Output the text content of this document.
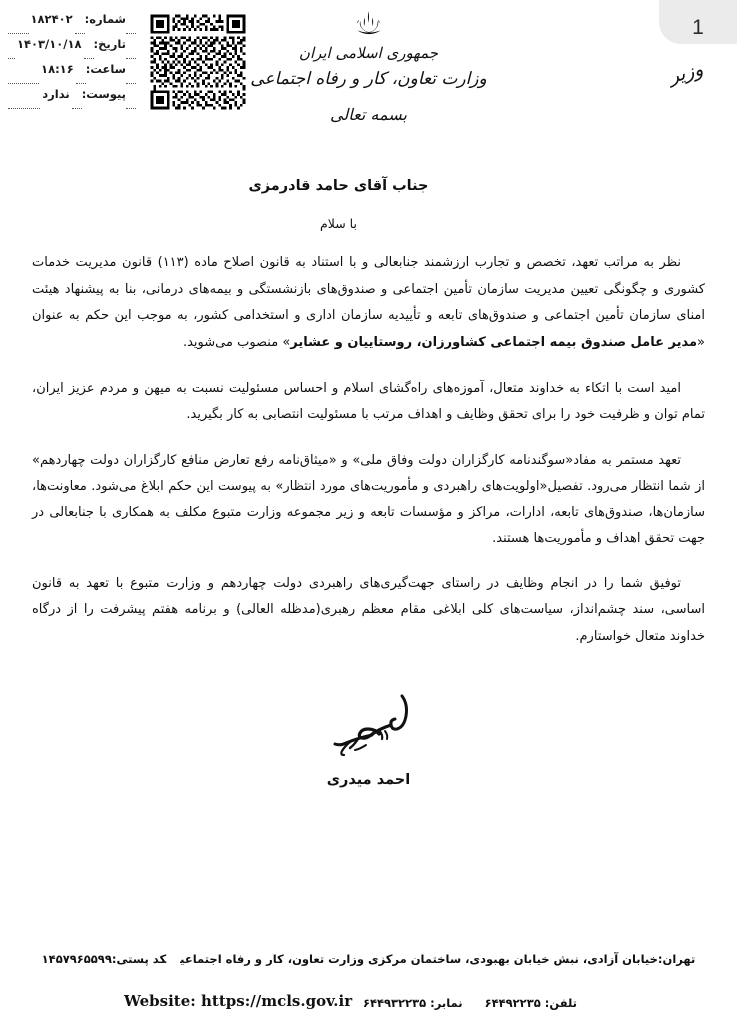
1
شماره:
۱۸۲۴۰۲
تاریخ:
۱۴۰۳/۱۰/۱۸
ساعت:
۱۸:۱۶
پیوست:
ندارد
جمهوری اسلامی ایران
وزارت تعاون، کار و رفاه اجتماعی
بسمه تعالی
وزیر
جناب آقای حامد قادرمزی
با سلام

نظر به مراتب تعهد، تخصص و تجارب ارزشمند جنابعالی و با استناد به قانون اصلاح ماده (۱۱۳) قانون مدیریت خدمات کشوری و چگونگی تعیین مدیریت سازمان تأمین اجتماعی و صندوق‌های بازنشستگی و بیمه‌های درمانی، بنا به پیشنهاد هیئت امنای سازمان تأمین اجتماعی و صندوق‌های تابعه و تأییدیه سازمان اداری و استخدامی کشور، به موجب این حکم به عنوان «مدیر عامل صندوق بیمه اجتماعی کشاورزان، روستاییان و عشایر» منصوب می‌شوید.

امید است با اتکاء به خداوند متعال، آموزه‌های راه‌گشای اسلام و احساس مسئولیت نسبت به میهن و مردم عزیز ایران، تمام توان و ظرفیت خود را برای تحقق وظایف و اهداف مرتب با مسئولیت انتصابی به کار بگیرید.

تعهد مستمر به مفاد«سوگندنامه کارگزاران دولت وفاق ملی» و «میثاق‌نامه رفع تعارض منافع کارگزاران دولت چهاردهم» از شما انتظار می‌رود. تفصیل«اولویت‌های راهبردی و مأموریت‌های مورد انتظار» به پیوست این حکم ابلاغ می‌شود. معاونت‌ها، سازمان‌ها، صندوق‌های تابعه، ادارات، مراکز و مؤسسات تابعه و زیر مجموعه وزارت متبوع مکلف به همکاری با جنابعالی در جهت تحقق اهداف و مأموریت‌ها هستند.

توفیق شما را در انجام وظایف در راستای جهت‌گیری‌های راهبردی دولت چهاردهم و وزارت متبوع با تعهد به قانون اساسی، سند چشم‌انداز، سیاست‌های کلی ابلاغی مقام معظم رهبری(مدظله العالی) و برنامه هفتم پیشرفت را از درگاه خداوند متعال خواستارم.

احمد میدری
تهران:خیابان آزادی، نبش خیابان بهبودی، ساختمان مرکزی وزارت تعاون، کار و رفاه اجتماعیکد پستی:۱۴۵۷۹۶۵۵۹۹
تلفن: ۶۴۴۹۲۲۳۵  نمابر: ۶۴۴۹۳۲۲۳۵
Website: https://mcls.gov.ir
